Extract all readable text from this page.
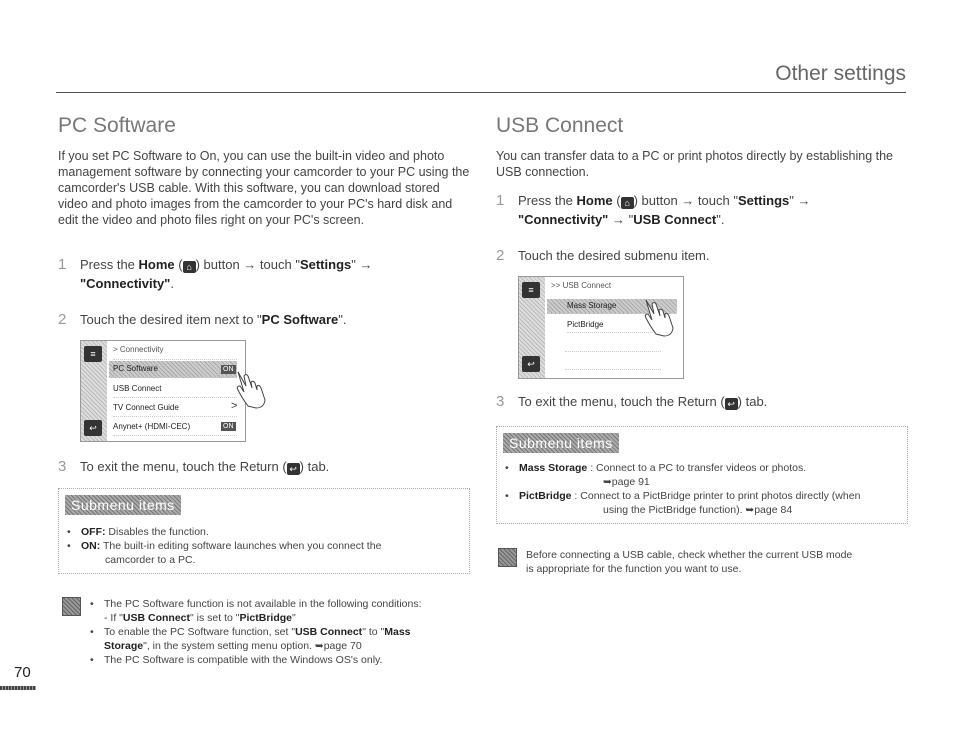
Other settings
PC Software
If you set PC Software to On, you can use the built-in video and photo management software by connecting your camcorder to your PC using the camcorder's USB cable. With this software, you can download stored video and photo images from the camcorder to your PC's hard disk and edit the video and photo files right on your PC's screen.
1 Press the Home ( ⌂ ) button → touch "Settings" →
"Connectivity".
2 Touch the desired item next to "PC Software".
≡
↩
> Connectivity
PC Software
USB Connect
TV Connect Guide
Anynet+ (HDMI-CEC)
ON
ON
>
3 To exit the menu, touch the Return ( ↩ ) tab.
Submenu items
• OFF: Disables the function.
• ON: The built-in editing software launches when you connect the
camcorder to a PC.
• The PC Software function is not available in the following conditions:
- If "USB Connect" is set to "PictBridge"
• To enable the PC Software function, set "USB Connect" to "Mass
Storage", in the system setting menu option. ➥page 70
• The PC Software is compatible with the Windows OS's only.
70
USB Connect
You can transfer data to a PC or print photos directly by establishing the USB connection.
1 Press the Home ( ⌂ ) button → touch "Settings" →
"Connectivity" → "USB Connect".
2 Touch the desired submenu item.
≡
↩
>> USB Connect
Mass Storage
PictBridge
3 To exit the menu, touch the Return ( ↩ ) tab.
Submenu items
• Mass Storage : Connect to a PC to transfer videos or photos.
➥page 91
• PictBridge : Connect to a PictBridge printer to print photos directly (when
using the PictBridge function). ➥page 84
Before connecting a USB cable, check whether the current USB mode
is appropriate for the function you want to use.
